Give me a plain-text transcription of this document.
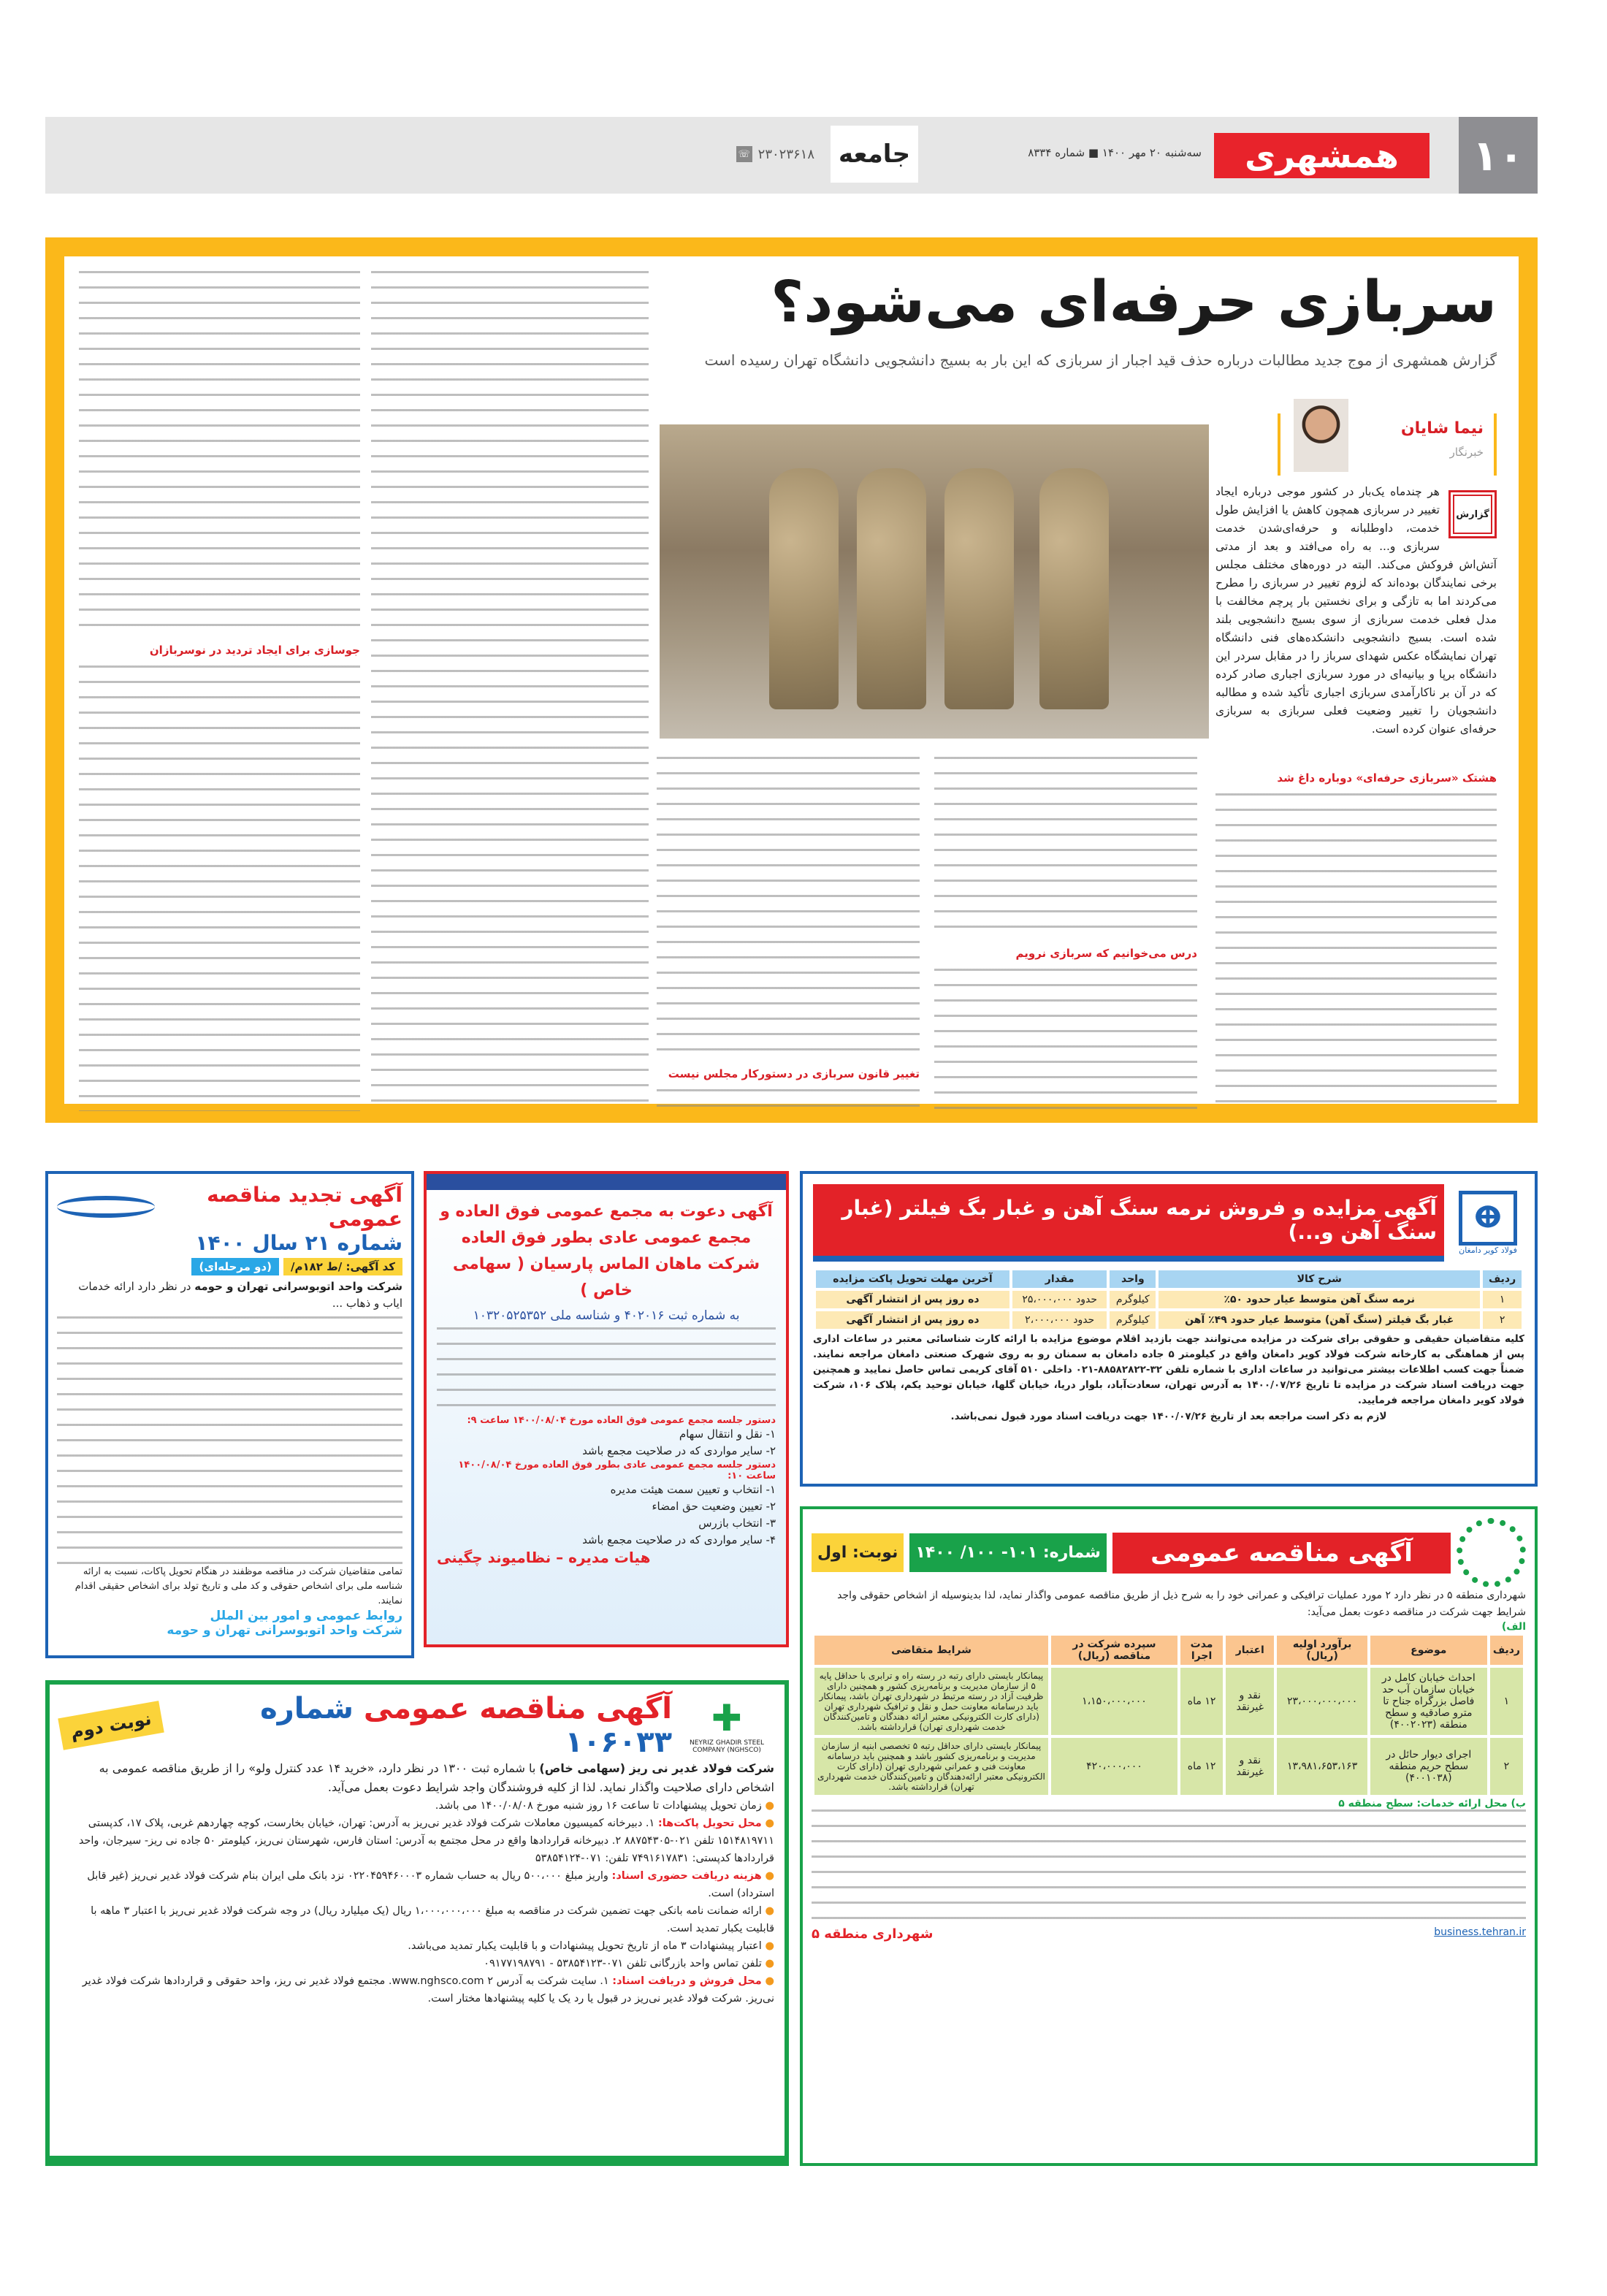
۱۰
همشهری
سه‌شنبه ۲۰ مهر ۱۴۰۰ ■ شماره ۸۳۳۴
جامعه
۲۳۰۲۳۶۱۸
☏
سربازی حرفه‌ای می‌شود؟
گزارش همشهری از موج جدید مطالبات درباره حذف قید اجبار از سربازی که این بار به بسیج دانشجویی دانشگاه تهران رسیده است
نیما شایان
خبرنگار
گزارش
هر چندماه یک‌بار در کشور موجی درباره ایجاد تغییر در سربازی همچون کاهش یا افزایش طول خدمت، داوطلبانه و حرفه‌ای‌شدن خدمت سربازی و... به راه می‌افتد و بعد از مدتی آتش‌اش فروکش می‌کند. البته در دوره‌های مختلف مجلس برخی نمایندگان بوده‌اند که لزوم تغییر در سربازی را مطرح می‌کردند اما به تازگی و برای نخستین بار پرچم مخالفت با مدل فعلی خدمت سربازی از سوی بسیج دانشجویی بلند شده است. بسیج دانشجویی دانشکده‌های فنی دانشگاه تهران نمایشگاه عکس شهدای سرباز را در مقابل سردر این دانشگاه برپا و بیانیه‌ای در مورد سربازی اجباری صادر کرده که در آن بر ناکارآمدی سربازی اجباری تأکید شده و مطالبه دانشجویان را تغییر وضعیت فعلی سربازی به سربازی حرفه‌ای عنوان کرده است.
هشتک «سربازی حرفه‌ای» دوباره داغ شد
درس می‌خوانیم که سربازی نرویم
تغییر قانون سربازی در دستورکار مجلس نیست
جوسازی برای ایجاد تردید در نوسربازان
ⴲ
فولاد کویر دامغان
آگهی مزایده و فروش نرمه سنگ آهن و غبار بگ فیلتر (غبار سنگ آهن و...)
ردیف	شرح کالا	واحد	مقدار	آخرین مهلت تحویل پاکت مزایده
۱	نرمه سنگ آهن متوسط عیار حدود ۵۰٪	کیلوگرم	حدود ۲۵،۰۰۰،۰۰۰	ده روز پس از انتشار آگهی
۲	غبار بگ فیلتر (سنگ آهن) متوسط عیار حدود ۴۹٪ آهن	کیلوگرم	حدود ۲،۰۰۰،۰۰۰	ده روز پس از انتشار آگهی
کلیه متقاضیان حقیقی و حقوقی برای شرکت در مزایده می‌توانند جهت بازدید اقلام موضوع مزایده با ارائه کارت شناسائی معتبر در ساعات اداری پس از هماهنگی به کارخانه شرکت فولاد کویر دامغان واقع در کیلومتر ۵ جاده دامغان به سمنان رو به روی شهرک صنعتی دامغان مراجعه نمایند. ضمناً جهت کسب اطلاعات بیشتر می‌توانید در ساعات اداری با شماره تلفن ۳۲-۸۸۵۸۲۸۲۲-۰۲۱ داخلی ۵۱۰ آقای کریمی تماس حاصل نمایید و همچنین جهت دریافت اسناد شرکت در مزایده تا تاریخ ۱۴۰۰/۰۷/۲۶ به آدرس تهران، سعادت‌آباد، بلوار دریا، خیابان گلها، خیابان توحید یکم، پلاک ۱۰۶، شرکت فولاد کویر دامغان مراجعه فرمایید.
لازم به ذکر است مراجعه بعد از تاریخ ۱۴۰۰/۰۷/۲۶ جهت دریافت اسناد مورد قبول نمی‌باشد.
آگهی دعوت به مجمع عمومی فوق العاده و مجمع عمومی عادی بطور فوق العاده شرکت ماهان الماس پارسیان ( سهامی خاص )
به شماره ثبت ۴۰۲۰۱۶ و شناسه ملی ۱۰۳۲۰۵۲۵۳۵۲
دستور جلسه مجمع عمومی فوق العاده مورخ ۱۴۰۰/۰۸/۰۴ ساعت ۹:
۱- نقل و انتقال سهام
۲- سایر مواردی که در صلاحیت مجمع باشد
دستور جلسه مجمع عمومی عادی بطور فوق العاده مورخ ۱۴۰۰/۰۸/۰۴ ساعت ۱۰:
۱- انتخاب و تعیین سمت هیئت مدیره
۲- تعیین وضعیت حق امضاء
۳- انتخاب بازرس
۴- سایر مواردی که در صلاحیت مجمع باشد
هیات مدیره – نظامیوند چگینی
آگهی تجدید مناقصه عمومی
شماره ۲۱ سال ۱۴۰۰
کد آگهی: /ط ۱۸۲م/
(دو مرحله‌ای)
شرکت واحد اتوبوسرانی تهران و حومه در نظر دارد ارائه خدمات ایاب و ذهاب ...
تمامی متقاضیان شرکت در مناقصه موظفند در هنگام تحویل پاکات، نسبت به ارائه شناسه ملی برای اشخاص حقوقی و کد ملی و تاریخ تولد برای اشخاص حقیقی اقدام نمایند.
روابط عمومی و امور بین الملل
شرکت واحد اتوبوسرانی تهران و حومه
آگهی مناقصه عمومی
شماره: ۱۰۱- ۱۰۰/ ۱۴۰۰
نوبت: اول
شهرداری منطقه ۵ در نظر دارد ۲ مورد عملیات ترافیکی و عمرانی خود را به شرح ذیل از طریق مناقصه عمومی واگذار نماید، لذا بدینوسیله از اشخاص حقوقی واجد شرایط جهت شرکت در مناقصه دعوت بعمل می‌آید:
الف)
ردیف	موضوع	برآورد اولیه (ریال)	اعتبار	مدت اجرا	سپرده شرکت در مناقصه (ریال)	شرایط متقاضی
۱	احداث خیابان کامل در خیابان سازمان آب حد فاصل بزرگراه جناح تا مترو صادقیه و سطح منطقه (۴۰۰۲۰۲۳)	۲۳،۰۰۰،۰۰۰،۰۰۰	نقد و غیرنقد	۱۲ ماه	۱،۱۵۰،۰۰۰،۰۰۰	پیمانکار بایستی دارای رتبه در رسته راه و ترابری با حداقل پایه ۵ از سازمان مدیریت و برنامه‌ریزی کشور و همچنین دارای ظرفیت آزاد در رسته مرتبط در شهرداری تهران باشد، پیمانکار باید درسامانه معاونت حمل و نقل و ترافیک شهرداری تهران (دارای کارت الکترونیکی معتبر ارائه دهندگان و تامین‌کنندگان خدمت شهرداری تهران) قرارداشته باشد.
۲	اجرای دیوار حائل در سطح حریم منطقه (۴۰۰۱۰۳۸)	۱۳،۹۸۱،۶۵۳،۱۶۳	نقد و غیرنقد	۱۲ ماه	۴۲۰،۰۰۰،۰۰۰	پیمانکار بایستی دارای حداقل رتبه ۵ تخصصی ابنیه از سازمان مدیریت و برنامه‌ریزی کشور باشد و همچنین باید درسامانه معاونت فنی و عمرانی شهرداری تهران (دارای کارت الکترونیکی معتبر ارائه‌دهندگان و تامین‌کنندگان خدمت شهرداری تهران) قرارداشته باشد.
ب) محل ارائه خدمات: سطح منطقه ۵
business.tehran.ir
شهرداری منطقه ۵
✚
NEYRIZ GHADIR STEEL COMPANY (NGHSCO)
آگهی مناقصه عمومی شماره ۱۰۶۰۳۳
نوبت دوم
شرکت فولاد غدیر نی ریز (سهامی خاص) با شماره ثبت ۱۳۰۰ در نظر دارد، «خرید ۱۴ عدد کنترل ولو» را از طریق مناقصه عمومی به اشخاص دارای صلاحیت واگذار نماید. لذا از کلیه فروشندگان واجد شرایط دعوت بعمل می‌آید.
● زمان تحویل پیشنهادات تا ساعت ۱۶ روز شنبه مورخ ۱۴۰۰/۰۸/۰۸ می باشد.
● محل تحویل پاکت‌ها: ۱. دبیرخانه کمیسیون معاملات شرکت فولاد غدیر نی‌ریز به آدرس: تهران، خیابان بخارست، کوچه چهاردهم غربی، پلاک ۱۷، کدپستی ۱۵۱۴۸۱۹۷۱۱ تلفن ۰۲۱-۸۸۷۵۴۳۰۵ ۲. دبیرخانه قراردادها واقع در محل مجتمع به آدرس: استان فارس، شهرستان نی‌ریز، کیلومتر ۵۰ جاده نی ریز- سیرجان، واحد قراردادها کدپستی: ۷۴۹۱۶۱۷۸۳۱ تلفن: ۰۷۱-۵۳۸۵۴۱۲۴
● هزینه دریافت حضوری اسناد: واریز مبلغ ۵۰۰،۰۰۰ ریال به حساب شماره ۰۲۲۰۴۵۹۴۶۰۰۰۳ نزد بانک ملی ایران بنام شرکت فولاد غدیر نی‌ریز (غیر قابل استرداد) است.
● ارائه ضمانت نامه بانکی جهت تضمین شرکت در مناقصه به مبلغ ۱،۰۰۰،۰۰۰،۰۰۰ ریال (یک میلیارد ریال) در وجه شرکت فولاد غدیر نی‌ریز با اعتبار ۳ ماهه با قابلیت یکبار تمدید است.
● اعتبار پیشنهادات ۳ ماه از تاریخ تحویل پیشنهادات و با قابلیت یکبار تمدید می‌باشد.
● تلفن تماس واحد بازرگانی تلفن ۰۷۱-۵۳۸۵۴۱۲۳ - ۰۹۱۷۷۱۹۸۷۹۱
● محل فروش و دریافت اسناد: ۱. سایت شرکت به آدرس www.nghsco.com ۲. مجتمع فولاد غدیر نی ریز، واحد حقوقی و قراردادها شرکت فولاد غدیر نی‌ریز. شرکت فولاد غدیر نی‌ریز در قبول یا رد یک یا کلیه پیشنهادها مختار است.
